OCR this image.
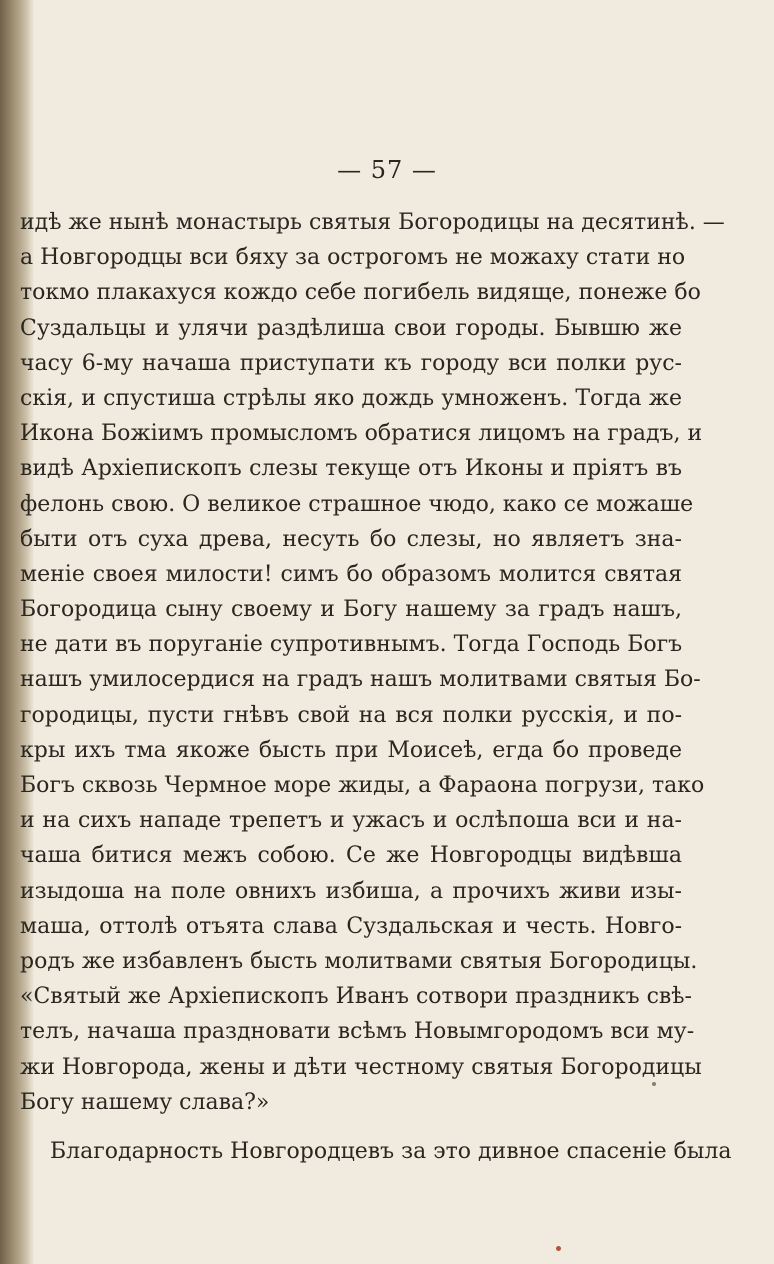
— 57 —
идѣ же нынѣ монастырь святыя Богородицы на десятинѣ. —
а Новгородцы вси бяху за острогомъ не можаху стати но
токмо плакахуся кождо себе погибель видяще, понеже бо
Суздальцы и улячи раздѣлиша свои городы. Бывшю же
часу 6-му начаша приступати къ городу вси полки рус-
скія, и спустиша стрѣлы яко дождь умноженъ. Тогда же
Икона Божіимъ промысломъ обратися лицомъ на градъ, и
видѣ Архіепископъ слезы текуще отъ Иконы и пріятъ въ
фелонь свою. О великое страшное чюдо, како се можаше
быти отъ суха древа, несуть бо слезы, но являетъ зна-
меніе своея милости! симъ бо образомъ молится святая
Богородица сыну своему и Богу нашему за градъ нашъ,
не дати въ поруганіе супротивнымъ. Тогда Господь Богъ
нашъ умилосердися на градъ нашъ молитвами святыя Бо-
городицы, пусти гнѣвъ свой на вся полки русскія, и по-
кры ихъ тма якоже бысть при Моисеѣ, егда бо проведе
Богъ сквозь Чермное море жиды, а Фараона погрузи, тако
и на сихъ нападе трепетъ и ужасъ и ослѣпоша вси и на-
чаша битися межъ собою. Се же Новгородцы видѣвша
изыдоша на поле овнихъ избиша, а прочихъ живи изы-
маша, оттолѣ отъята слава Суздальская и честь. Новго-
родъ же избавленъ бысть молитвами святыя Богородицы.
«Святый же Архіепископъ Иванъ сотвори праздникъ свѣ-
телъ, начаша праздновати всѣмъ Новымгородомъ вси му-
жи Новгорода, жены и дѣти честному святыя Богородицы
Богу нашему слава?»
Благодарность Новгородцевъ за это дивное спасеніе была
